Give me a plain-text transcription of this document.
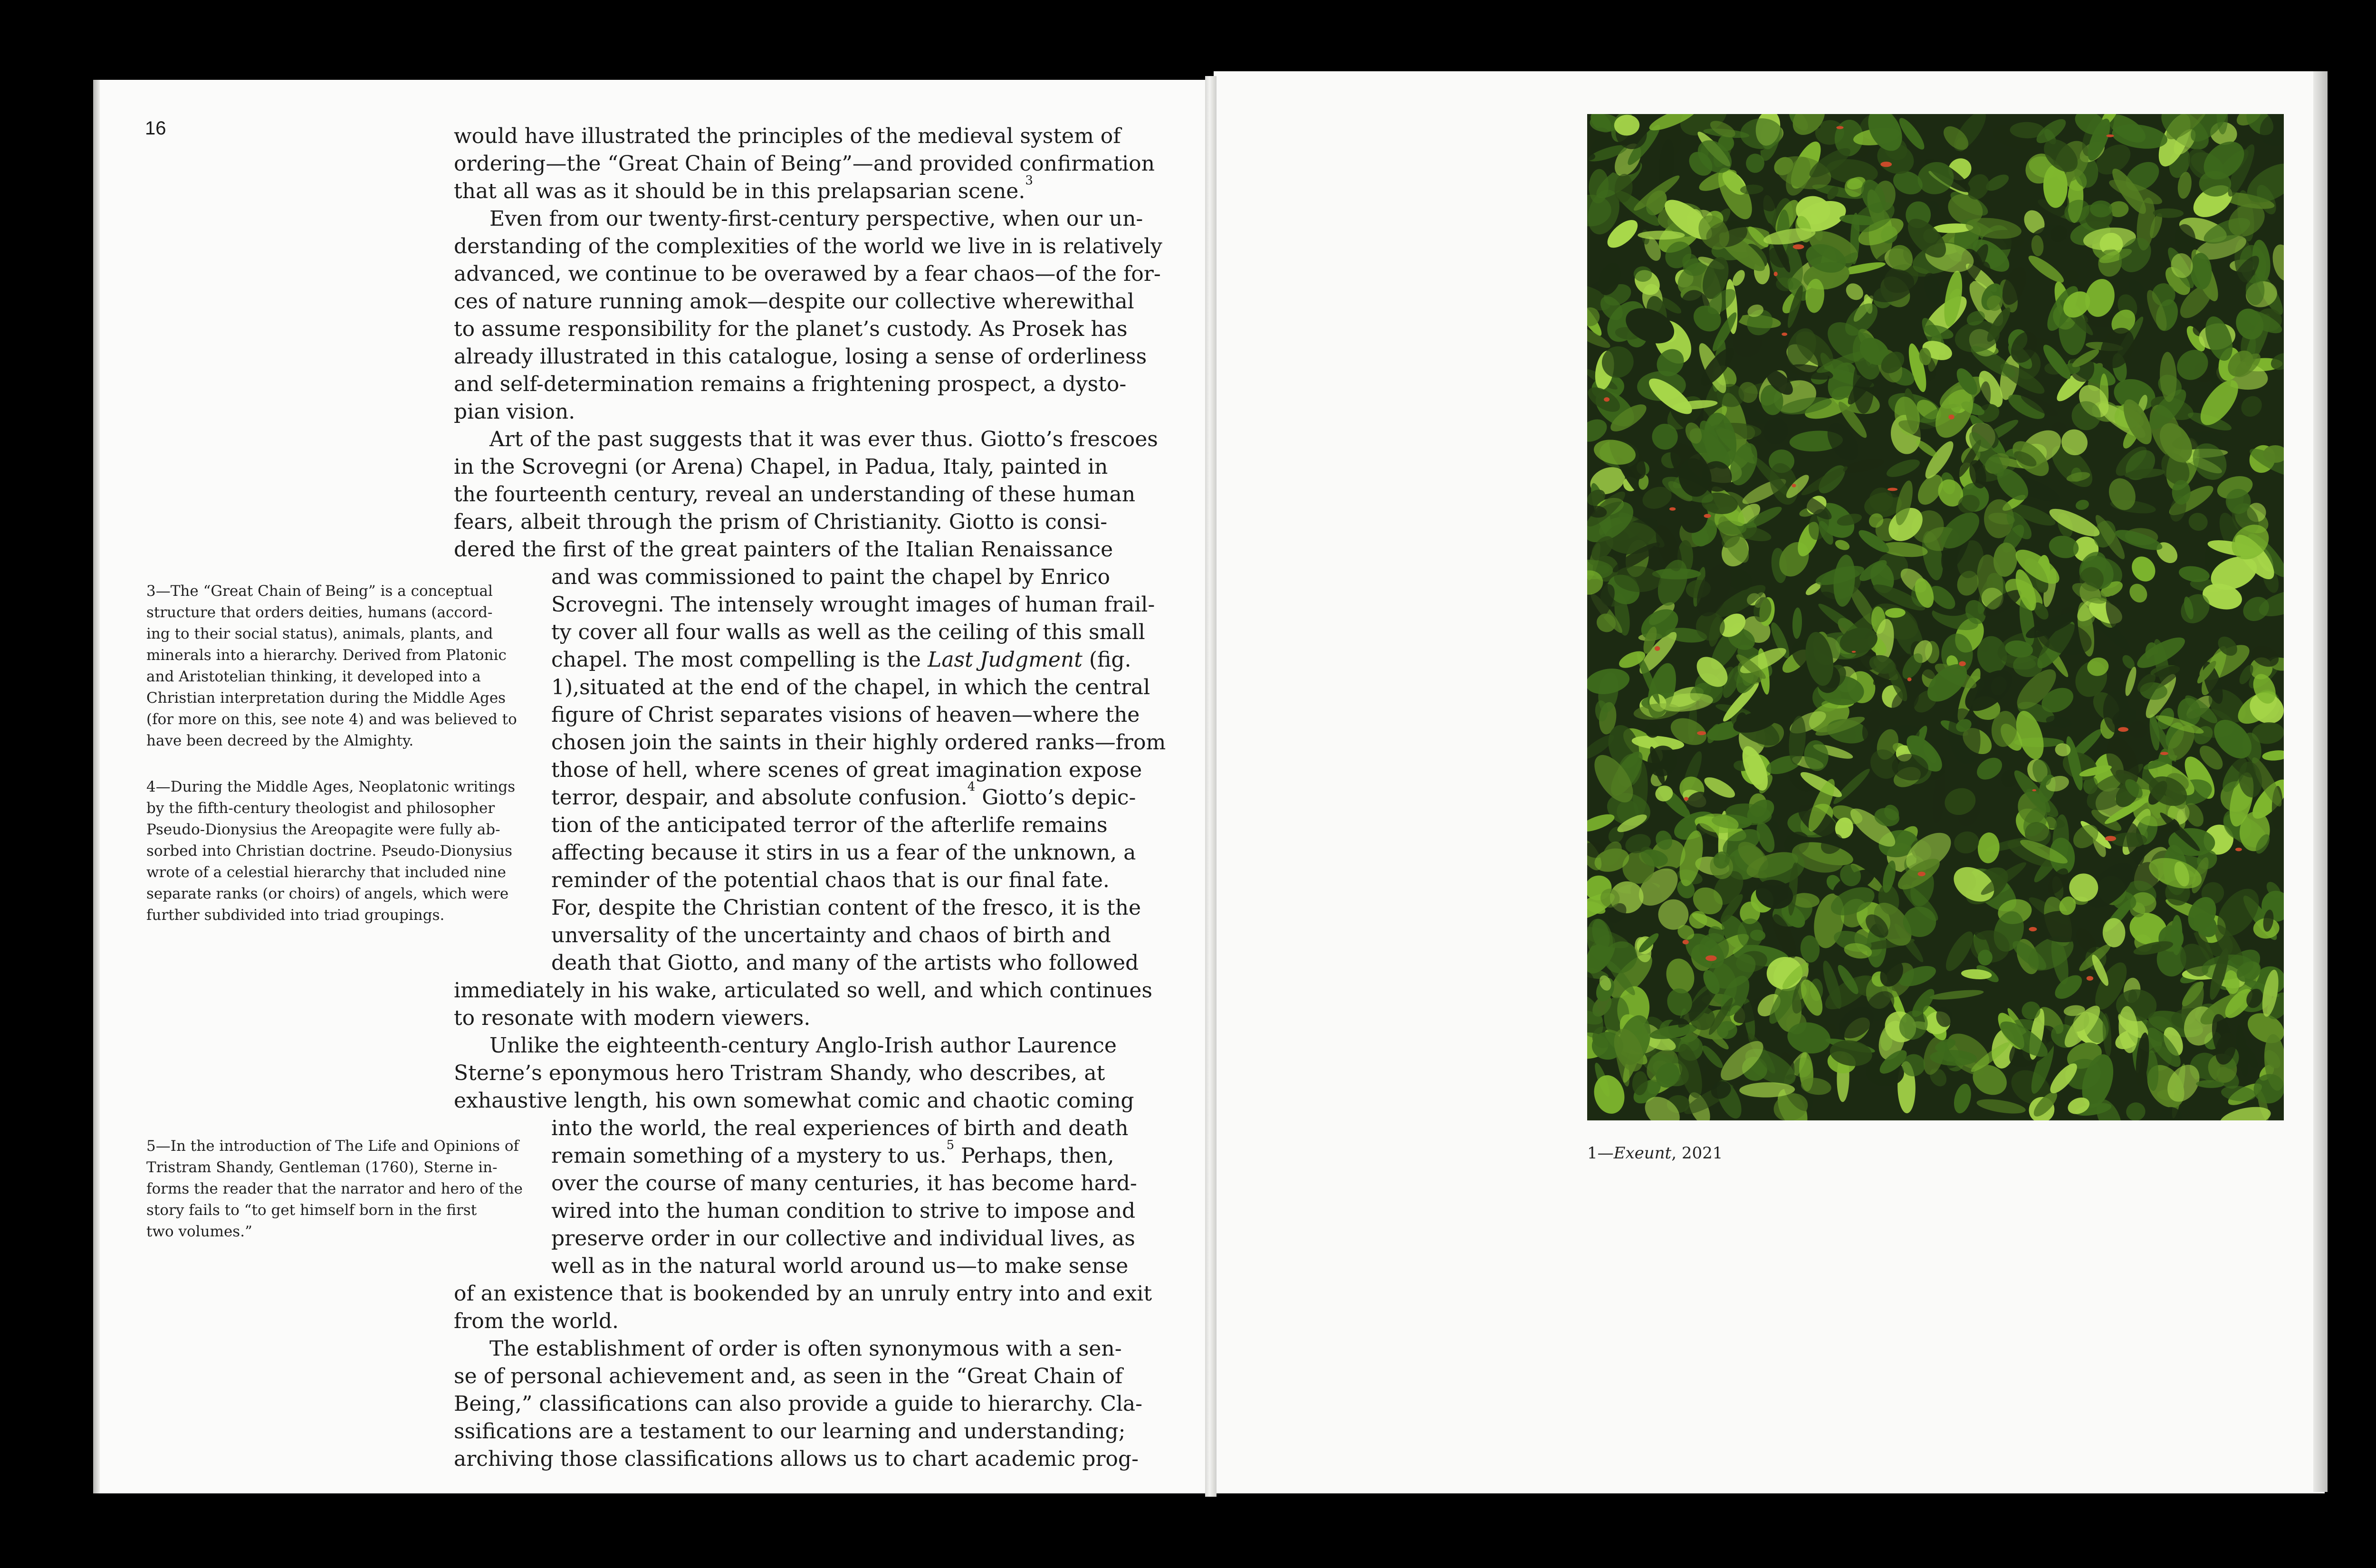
16	would have illustrated the principles of the medieval system of
ordering—the “Great Chain of Being”—and provided confirmation
that all was as it should be in this prelapsarian scene.$^3$
Even from our twenty-first-century perspective, when our un-
derstanding of the complexities of the world we live in is relatively
advanced, we continue to be overawed by a fear chaos—of the for-
ces of nature running amok—despite our collective wherewithal
to assume responsibility for the planet’s custody. As Prosek has
already illustrated in this catalogue, losing a sense of orderliness
and self-determination remains a frightening prospect, a dysto-
pian vision.
Art of the past suggests that it was ever thus. Giotto’s frescoes
in the Scrovegni (or Arena) Chapel, in Padua, Italy, painted in
the fourteenth century, reveal an understanding of these human
fears, albeit through the prism of Christianity. Giotto is consi-
dered the first of the great painters of the Italian Renaissance
and was commissioned to paint the chapel by Enrico
Scrovegni. The intensely wrought images of human frail-
ty cover all four walls as well as the ceiling of this small
chapel. The most compelling is the Last Judgment (fig.
1),situated at the end of the chapel, in which the central
figure of Christ separates visions of heaven—where the
chosen join the saints in their highly ordered ranks—from
those of hell, where scenes of great imagination expose
terror, despair, and absolute confusion.$^4$ Giotto’s depic-
tion of the anticipated terror of the afterlife remains
affecting because it stirs in us a fear of the unknown, a
reminder of the potential chaos that is our final fate.
For, despite the Christian content of the fresco, it is the
unversality of the uncertainty and chaos of birth and
death that Giotto, and many of the artists who followed
immediately in his wake, articulated so well, and which continues
to resonate with modern viewers.
Unlike the eighteenth-century Anglo-Irish author Laurence
Sterne’s eponymous hero Tristram Shandy, who describes, at
exhaustive length, his own somewhat comic and chaotic coming
into the world, the real experiences of birth and death
remain something of a mystery to us.$^5$ Perhaps, then,
over the course of many centuries, it has become hard-
wired into the human condition to strive to impose and
preserve order in our collective and individual lives, as
well as in the natural world around us—to make sense
of an existence that is bookended by an unruly entry into and exit
from the world.
The establishment of order is often synonymous with a sen-
se of personal achievement and, as seen in the “Great Chain of
Being,” classifications can also provide a guide to hierarchy. Cla-
ssifications are a testament to our learning and understanding;
archiving those classifications allows us to chart academic prog-
3—The “Great Chain of Being” is a conceptual
structure that orders deities, humans (accord-
ing to their social status), animals, plants, and
minerals into a hierarchy. Derived from Platonic
and Aristotelian thinking, it developed into a
Christian interpretation during the Middle Ages
(for more on this, see note 4) and was believed to
have been decreed by the Almighty.
4—During the Middle Ages, Neoplatonic writings
by the fifth-century theologist and philosopher
Pseudo-Dionysius the Areopagite were fully ab-
sorbed into Christian doctrine. Pseudo-Dionysius
wrote of a celestial hierarchy that included nine
separate ranks (or choirs) of angels, which were
further subdivided into triad groupings.
5—In the introduction of The Life and Opinions of
Tristram Shandy, Gentleman (1760), Sterne in-
forms the reader that the narrator and hero of the
story fails to “to get himself born in the first
two volumes.”
1—Exeunt, 2021
